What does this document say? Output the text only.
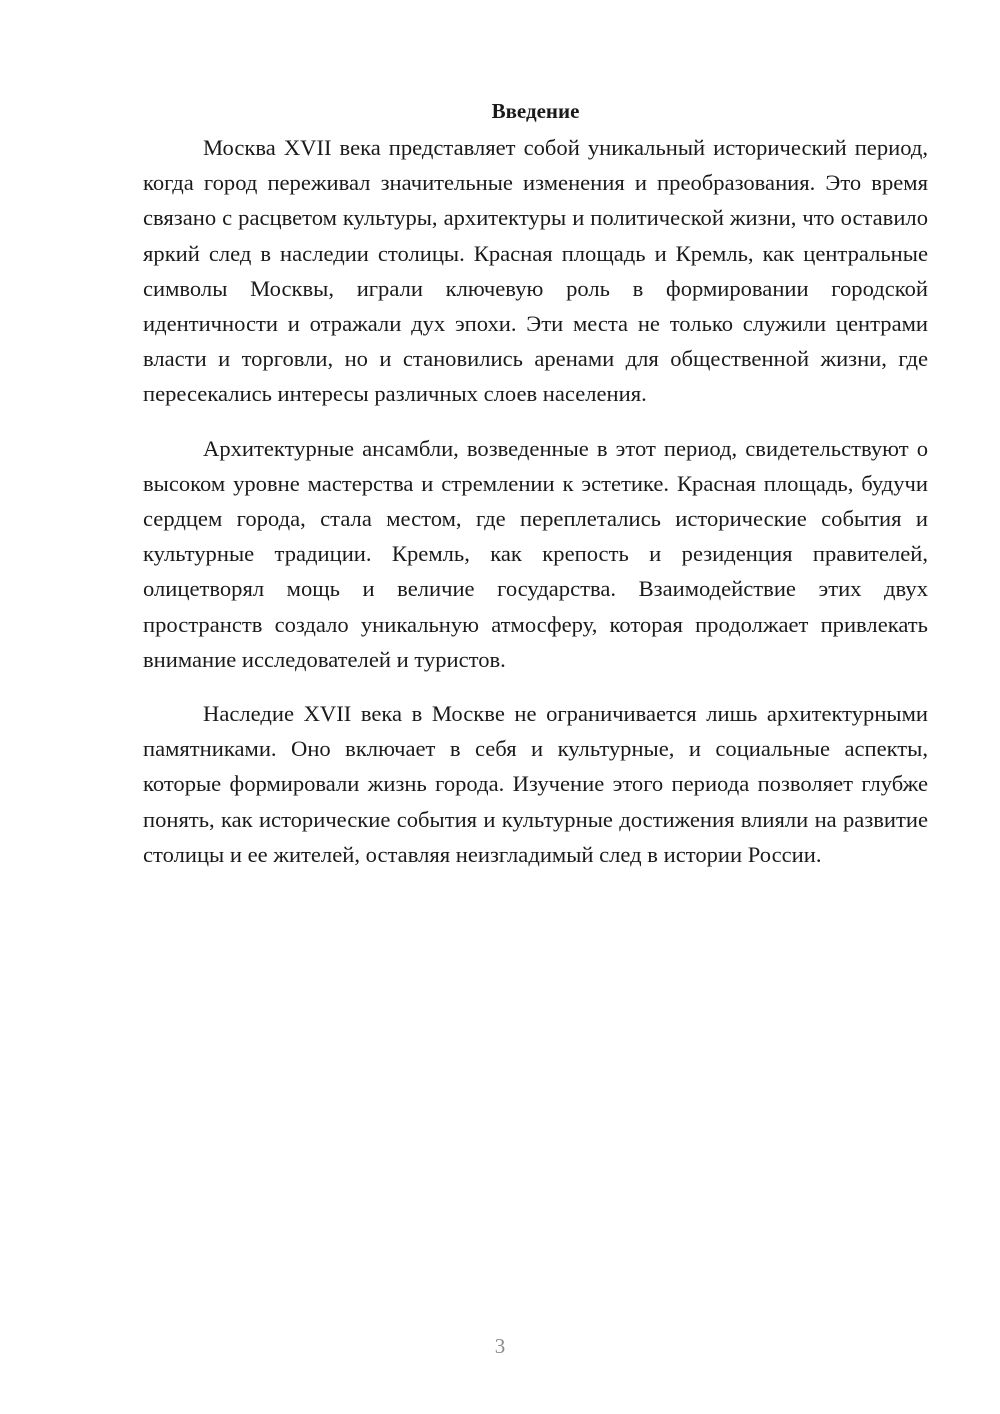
Введение

Москва XVII века представляет собой уникальный исторический период, когда город переживал значительные изменения и преобразования. Это время связано с расцветом культуры, архитектуры и политической жизни, что оставило яркий след в наследии столицы. Красная площадь и Кремль, как центральные символы Москвы, играли ключевую роль в формировании городской идентичности и отражали дух эпохи. Эти места не только служили центрами власти и торговли, но и становились аренами для общественной жизни, где пересекались интересы различных слоев населения.

Архитектурные ансамбли, возведенные в этот период, свидетельствуют о высоком уровне мастерства и стремлении к эстетике. Красная площадь, будучи сердцем города, стала местом, где переплетались исторические события и культурные традиции. Кремль, как крепость и резиденция правителей, олицетворял мощь и величие государства. Взаимодействие этих двух пространств создало уникальную атмосферу, которая продолжает привлекать внимание исследователей и туристов.

Наследие XVII века в Москве не ограничивается лишь архитектурными памятниками. Оно включает в себя и культурные, и социальные аспекты, которые формировали жизнь города. Изучение этого периода позволяет глубже понять, как исторические события и культурные достижения влияли на развитие столицы и ее жителей, оставляя неизгладимый след в истории России.

3
